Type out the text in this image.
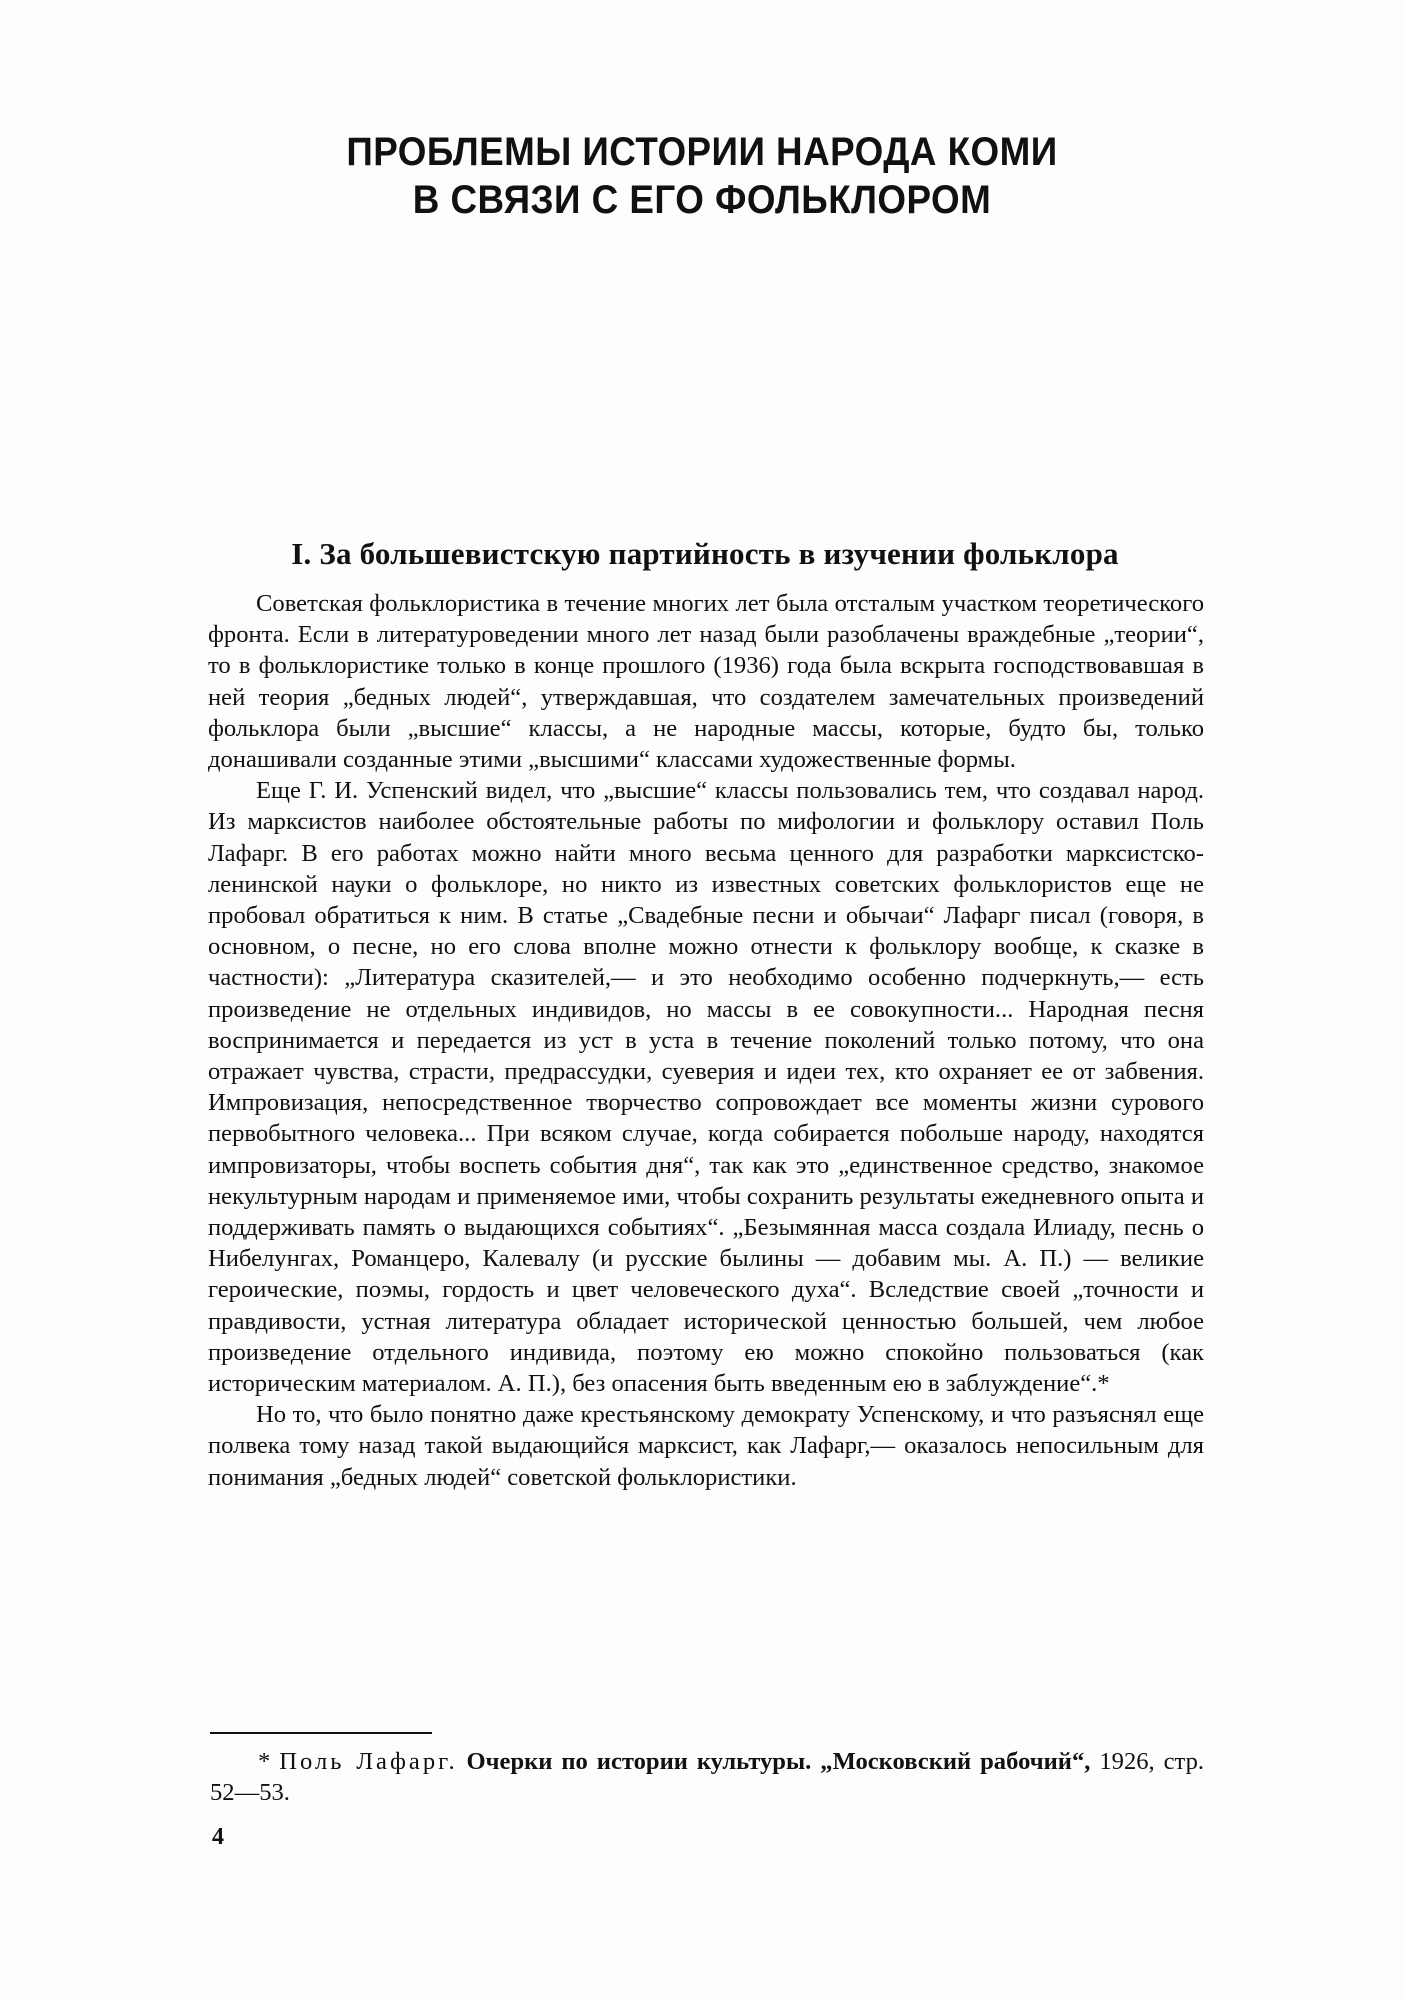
ПРОБЛЕМЫ ИСТОРИИ НАРОДА КОМИ
В СВЯЗИ С ЕГО ФОЛЬКЛОРОМ
I. За большевистскую партийность в изучении фольклора

Советская фольклористика в течение многих лет была отсталым участком теоретического фронта. Если в литературоведении много лет назад были разоблачены враждебные „теории“, то в фольклористике только в конце прошлого (1936) года была вскрыта господствовавшая в ней теория „бедных людей“, утверждавшая, что создателем замечательных произведений фольклора были „высшие“ классы, а не народные массы, которые, будто бы, только донашивали созданные этими „высшими“ классами художественные формы.

Еще Г. И. Успенский видел, что „высшие“ классы пользовались тем, что создавал народ. Из марксистов наиболее обстоятельные работы по мифологии и фольклору оставил Поль Лафарг. В его работах можно найти много весьма ценного для разработки марксистско-ленинской науки о фольклоре, но никто из известных советских фольклористов еще не пробовал обратиться к ним. В статье „Свадебные песни и обычаи“ Лафарг писал (говоря, в основном, о песне, но его слова вполне можно отнести к фольклору вообще, к сказке в частности): „Литература сказителей,— и это необходимо особенно подчеркнуть,— есть произведение не отдельных индивидов, но массы в ее совокупности... Народная песня воспринимается и передается из уст в уста в течение поколений только потому, что она отражает чувства, страсти, предрассудки, суеверия и идеи тех, кто охраняет ее от забвения. Импровизация, непосредственное творчество сопровождает все моменты жизни сурового первобытного человека... При всяком случае, когда собирается побольше народу, находятся импровизаторы, чтобы воспеть события дня“, так как это „единственное средство, знакомое некультурным народам и применяемое ими, чтобы сохранить результаты ежедневного опыта и поддерживать память о выдающихся событиях“. „Безымянная масса создала Илиаду, песнь о Нибелунгах, Романцеро, Калевалу (и русские былины — добавим мы. А. П.) — великие героические, поэмы, гордость и цвет человеческого духа“. Вследствие своей „точности и правдивости, устная литература обладает исторической ценностью большей, чем любое произведение отдельного индивида, поэтому ею можно спокойно пользоваться (как историческим материалом. А. П.), без опасения быть введенным ею в заблуждение“.*

Но то, что было понятно даже крестьянскому демократу Успенскому, и что разъяснял еще полвека тому назад такой выдающийся марксист, как Лафарг,— оказалось непосильным для понимания „бедных людей“ советской фольклористики.

* Поль Лафарг. Очерки по истории культуры. „Московский рабочий“, 1926, стр. 52—53.

4
